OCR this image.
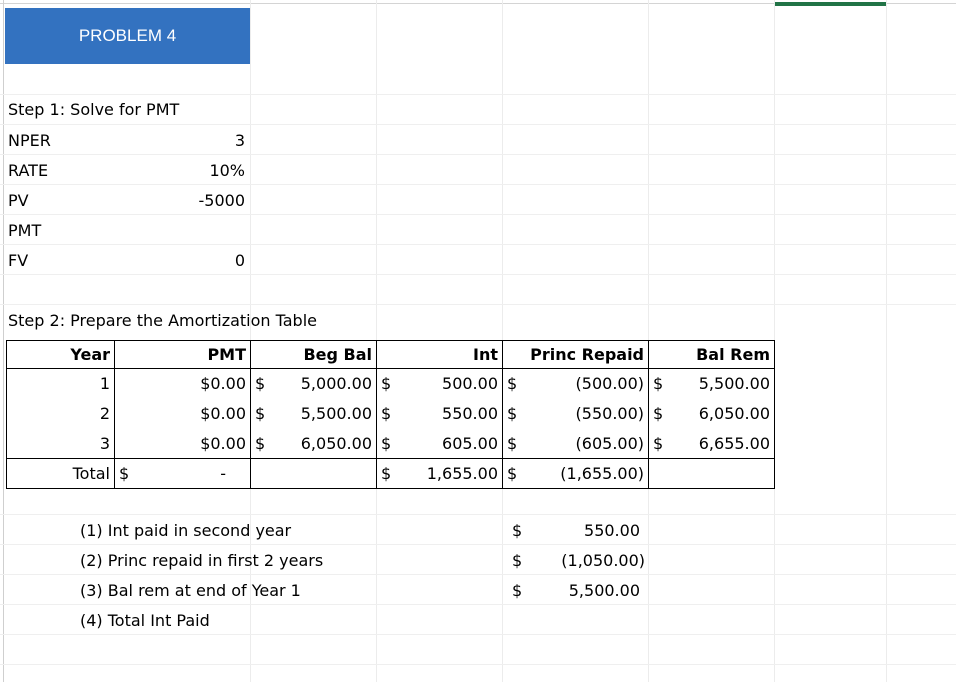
PROBLEM 4
Step 1: Solve for PMT
NPER	3
RATE	10%
PV	-5000
PMT
FV	0
Step 2: Prepare the Amortization Table
Year	PMT	Beg Bal	Int	Princ Repaid	Bal Rem
1	$0.00	$ 5,000.00	$ 500.00	$ (500.00)	$ 5,500.00

2	$0.00	$ 5,500.00	$ 550.00	$ (550.00)	$ 6,050.00

3	$0.00	$ 6,050.00	$ 605.00	$ (605.00)	$ 6,655.00

Total	$ -		$ 1,655.00	$ (1,655.00)	

(1) Int paid in second year	$	550.00
(2) Princ repaid in first 2 years	$	(1,050.00)
(3) Bal rem at end of Year 1	$	5,500.00
(4) Total Int Paid
